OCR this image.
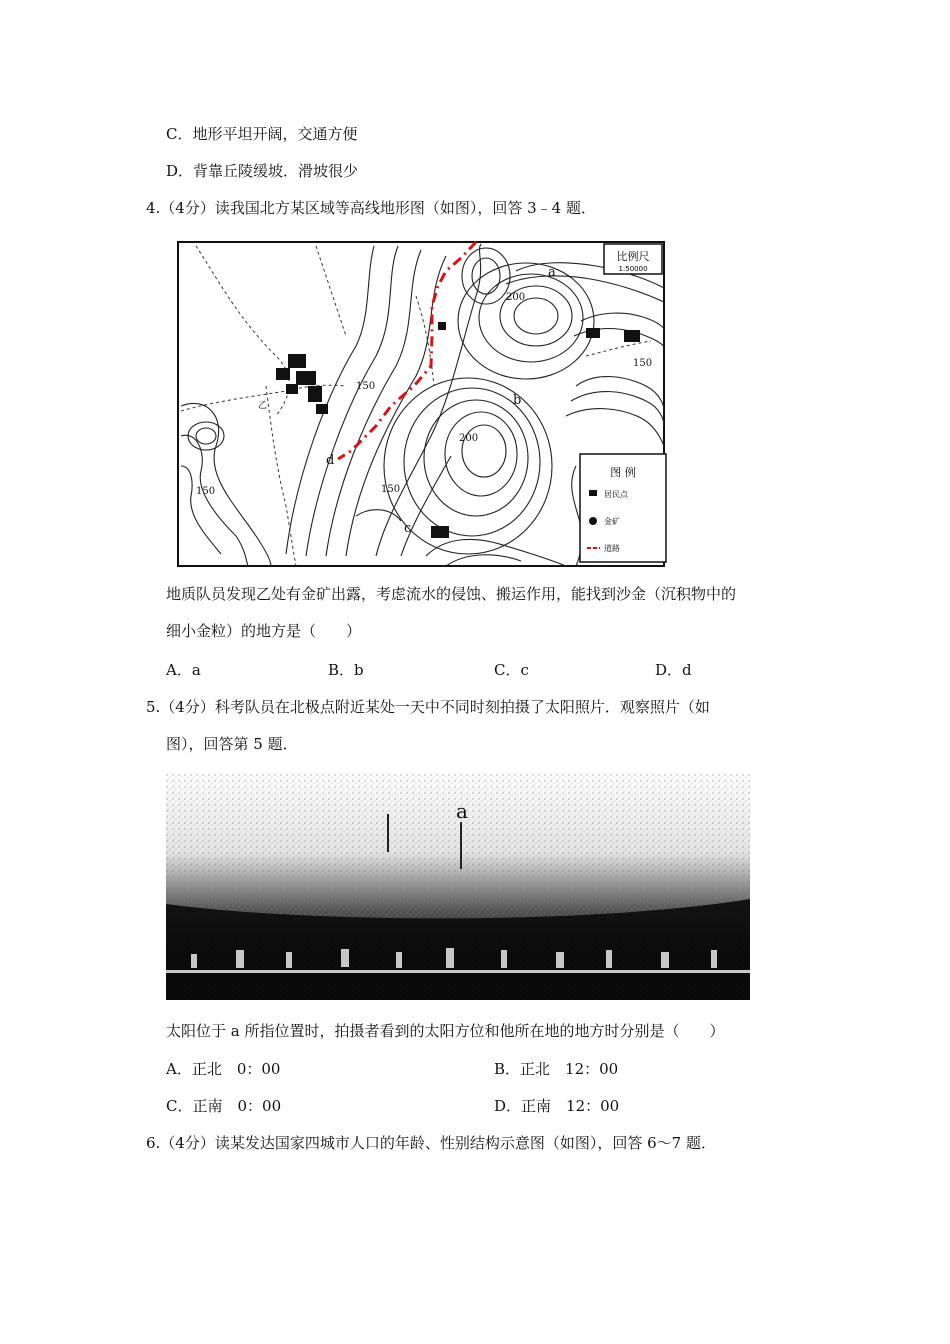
C．地形平坦开阔，交通方便
D．背靠丘陵缓坡．滑坡很少
4.（4分）读我国北方某区域等高线地形图（如图），回答 3﹣4 题．
比例尺
1:50000
图 例
居民点
金矿
道路
a
b
c
d
乙
200
200
150
150
150
150
地质队员发现乙处有金矿出露，考虑流水的侵蚀、搬运作用，能找到沙金（沉积物中的
细小金粒）的地方是（　　）
A．a	B．b	C．c	D．d
5.（4分）科考队员在北极点附近某处一天中不同时刻拍摄了太阳照片．观察照片（如
图），回答第 5 题．
a
太阳位于 a 所指位置时，拍摄者看到的太阳方位和他所在地的地方时分别是（　　）
A．正北　0：00	B．正北　12：00
C．正南　0：00	D．正南　12：00
6.（4分）读某发达国家四城市人口的年龄、性别结构示意图（如图），回答 6～7 题．
